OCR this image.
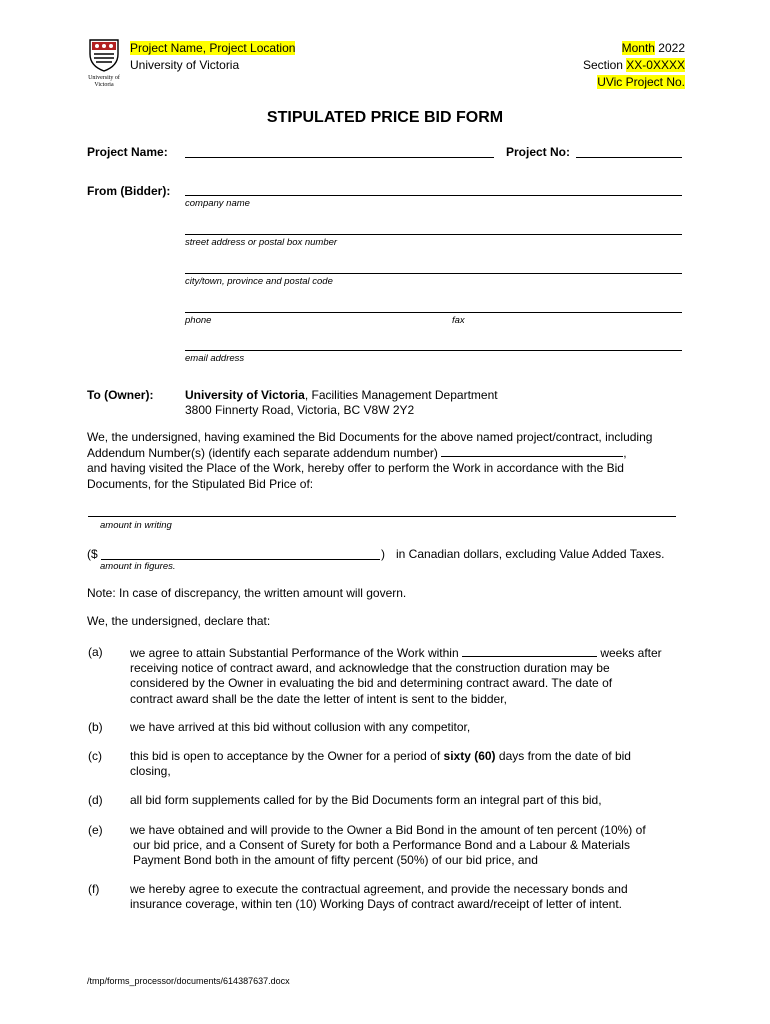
University of Victoria
Project Name, Project Location
University of Victoria
Month 2022
Section XX-0XXXX
UVic Project No.
STIPULATED PRICE BID FORM
Project Name:	Project No:
From (Bidder):
company name
street address or postal box number
city/town, province and postal code
phone	fax
email address
To (Owner):	University of Victoria, Facilities Management Department
3800 Finnerty Road, Victoria, BC V8W 2Y2
We, the undersigned, having examined the Bid Documents for the above named project/contract, including
Addendum Number(s) (identify each separate addendum number)	,
and having visited the Place of the Work, hereby offer to perform the Work in accordance with the Bid
Documents, for the Stipulated Bid Price of:
amount in writing
($	) in Canadian dollars, excluding Value Added Taxes.
amount in figures.
Note: In case of discrepancy, the written amount will govern.
We, the undersigned, declare that:
(a) we agree to attain Substantial Performance of the Work within	weeks after
receiving notice of contract award, and acknowledge that the construction duration may be
considered by the Owner in evaluating the bid and determining contract award. The date of
contract award shall be the date the letter of intent is sent to the bidder,
(b) we have arrived at this bid without collusion with any competitor,
(c) this bid is open to acceptance by the Owner for a period of sixty (60) days from the date of bid
closing,
(d) all bid form supplements called for by the Bid Documents form an integral part of this bid,
(e) we have obtained and will provide to the Owner a Bid Bond in the amount of ten percent (10%) of
our bid price, and a Consent of Surety for both a Performance Bond and a Labour & Materials
Payment Bond both in the amount of fifty percent (50%) of our bid price, and
(f)	we hereby agree to execute the contractual agreement, and provide the necessary bonds and
insurance coverage, within ten (10) Working Days of contract award/receipt of letter of intent.
/tmp/forms_processor/documents/614387637.docx
